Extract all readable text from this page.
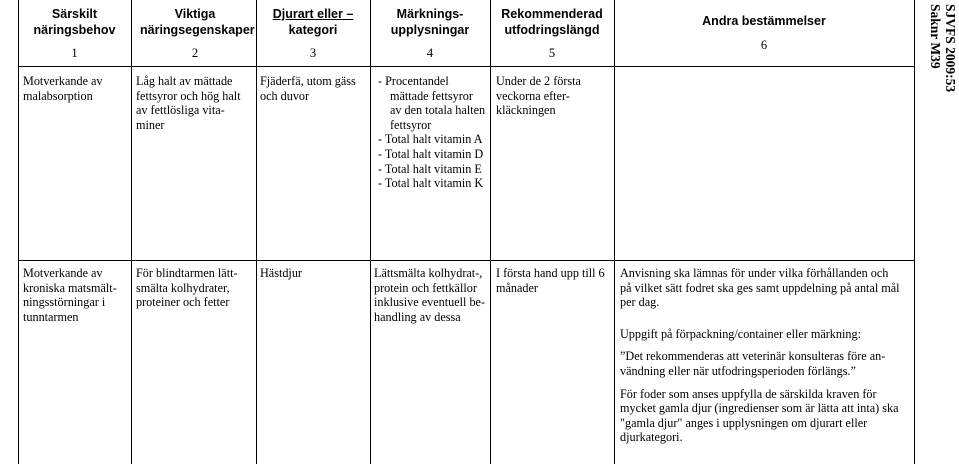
SJVFS 2009:53
Saknr M39
Särskilt näringsbehov
1
Viktiga näringsegenskaper
2
Djurart eller –
kategori
3
Märknings-upplysningar
4
Rekommenderad utfodringslängd
5
Andra bestämmelser
6
Motverkande av malabsorption
Låg halt av mättade fettsyror och hög halt av fettlösliga vita-miner
Fjäderfä, utom gäss och duvor
- Procentandel mättade fettsyror av den totala halten fettsyror
- Total halt vitamin A
- Total halt vitamin D
- Total halt vitamin E
- Total halt vitamin K
Under de 2 första veckorna efter-kläckningen
Motverkande av kroniska matsmält-ningsstörningar i tunntarmen
För blindtarmen lätt-smälta kolhydrater, proteiner och fetter
Hästdjur	Lättsmälta kolhydrat-, protein och fettkällor inklusive eventuell be-handling av dessa
I första hand upp till 6 månader
Anvisning ska lämnas för under vilka förhållanden och på vilket sätt fodret ska ges samt uppdelning på antal mål per dag.
Uppgift på förpackning/container eller märkning:
”Det rekommenderas att veterinär konsulteras före an-vändning eller när utfodringsperioden förlängs.”
För foder som anses uppfylla de särskilda kraven för mycket gamla djur (ingredienser som är lätta att inta) ska "gamla djur" anges i upplysningen om djurart eller djurkategori.
